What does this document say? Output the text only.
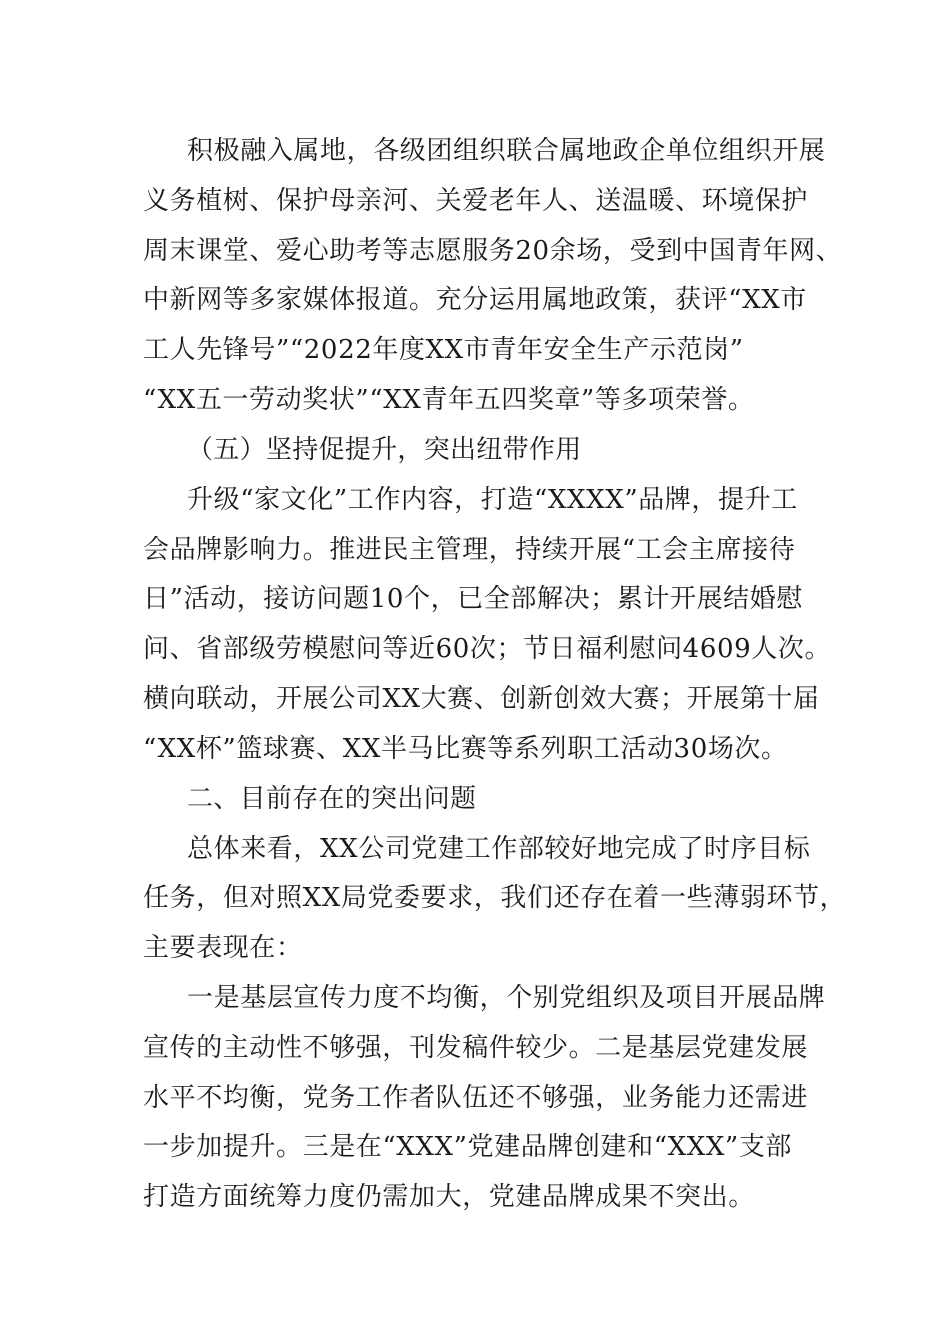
积极融入属地，各级团组织联合属地政企单位组织开展
义务植树、保护母亲河、关爱老年人、送温暖、环境保护
周末课堂、爱心助考等志愿服务20余场，受到中国青年网、
中新网等多家媒体报道。充分运用属地政策，获评“XX市
工人先锋号”“2022年度XX市青年安全生产示范岗”
“XX五一劳动奖状”“XX青年五四奖章”等多项荣誉。
（五）坚持促提升，突出纽带作用
升级“家文化”工作内容，打造“XXXX”品牌，提升工
会品牌影响力。推进民主管理，持续开展“工会主席接待
日”活动，接访问题10个，已全部解决；累计开展结婚慰
问、省部级劳模慰问等近60次；节日福利慰问4609人次。
横向联动，开展公司XX大赛、创新创效大赛；开展第十届
“XX杯”篮球赛、XX半马比赛等系列职工活动30场次。
二、目前存在的突出问题
总体来看，XX公司党建工作部较好地完成了时序目标
任务，但对照XX局党委要求，我们还存在着一些薄弱环节，
主要表现在：
一是基层宣传力度不均衡，个别党组织及项目开展品牌
宣传的主动性不够强，刊发稿件较少。二是基层党建发展
水平不均衡，党务工作者队伍还不够强，业务能力还需进
一步加提升。三是在“XXX”党建品牌创建和“XXX”支部
打造方面统筹力度仍需加大，党建品牌成果不突出。
